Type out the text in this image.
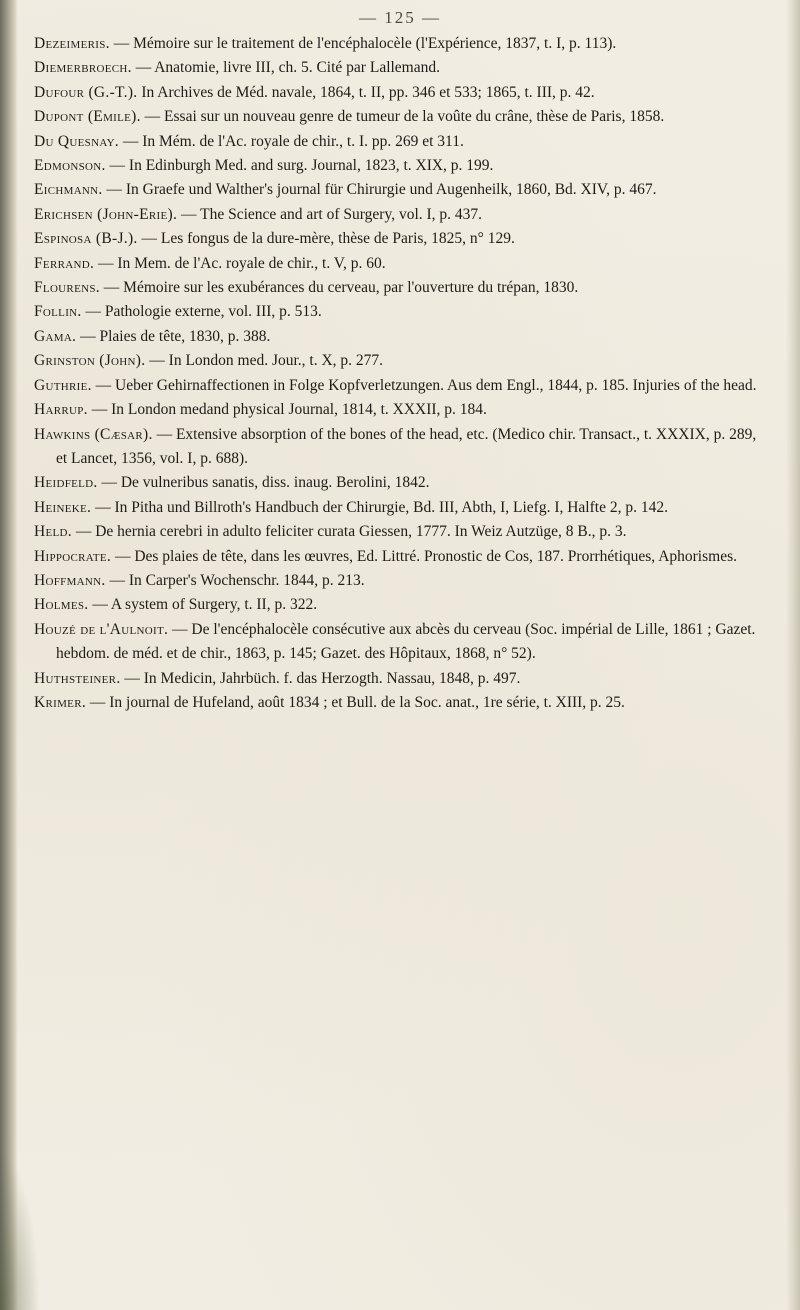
— 125 —
Dezeimeris. — Mémoire sur le traitement de l'encéphalocèle (l'Expérience, 1837, t. I, p. 113).
Diemerbroech. — Anatomie, livre III, ch. 5. Cité par Lallemand.
Dufour (G.-T.). In Archives de Méd. navale, 1864, t. II, pp. 346 et 533; 1865, t. III, p. 42.
Dupont (Emile). — Essai sur un nouveau genre de tumeur de la voûte du crâne, thèse de Paris, 1858.
Du Quesnay. — In Mém. de l'Ac. royale de chir., t. I. pp. 269 et 311.
Edmonson. — In Edinburgh Med. and surg. Journal, 1823, t. XIX, p. 199.
Eichmann. — In Graefe und Walther's journal für Chirurgie und Augenheilk, 1860, Bd. XIV, p. 467.
Erichsen (John-Erie). — The Science and art of Surgery, vol. I, p. 437.
Espinosa (B-J.). — Les fongus de la dure-mère, thèse de Paris, 1825, n° 129.
Ferrand. — In Mem. de l'Ac. royale de chir., t. V, p. 60.
Flourens. — Mémoire sur les exubérances du cerveau, par l'ouverture du trépan, 1830.
Follin. — Pathologie externe, vol. III, p. 513.
Gama. — Plaies de tête, 1830, p. 388.
Grinston (John). — In London med. Jour., t. X, p. 277.
Guthrie. — Ueber Gehirnaffectionen in Folge Kopfverletzungen. Aus dem Engl., 1844, p. 185. Injuries of the head.
Harrup. — In London medand physical Journal, 1814, t. XXXII, p. 184.
Hawkins (Cæsar). — Extensive absorption of the bones of the head, etc. (Medico chir. Transact., t. XXXIX, p. 289, et Lancet, 1356, vol. I, p. 688).
Heidfeld. — De vulneribus sanatis, diss. inaug. Berolini, 1842.
Heineke. — In Pitha und Billroth's Handbuch der Chirurgie, Bd. III, Abth, I, Liefg. I, Halfte 2, p. 142.
Held. — De hernia cerebri in adulto feliciter curata Giessen, 1777. In Weiz Autzüge, 8 B., p. 3.
Hippocrate. — Des plaies de tête, dans les œuvres, Ed. Littré. Pronostic de Cos, 187. Prorrhétiques, Aphorismes.
Hoffmann. — In Carper's Wochenschr. 1844, p. 213.
Holmes. — A system of Surgery, t. II, p. 322.
Houzé de l'Aulnoit. — De l'encéphalocèle consécutive aux abcès du cerveau (Soc. impérial de Lille, 1861 ; Gazet. hebdom. de méd. et de chir., 1863, p. 145; Gazet. des Hôpitaux, 1868, n° 52).
Huthsteiner. — In Medicin, Jahrbüch. f. das Herzogth. Nassau, 1848, p. 497.
Krimer. — In journal de Hufeland, août 1834 ; et Bull. de la Soc. anat., 1re série, t. XIII, p. 25.
